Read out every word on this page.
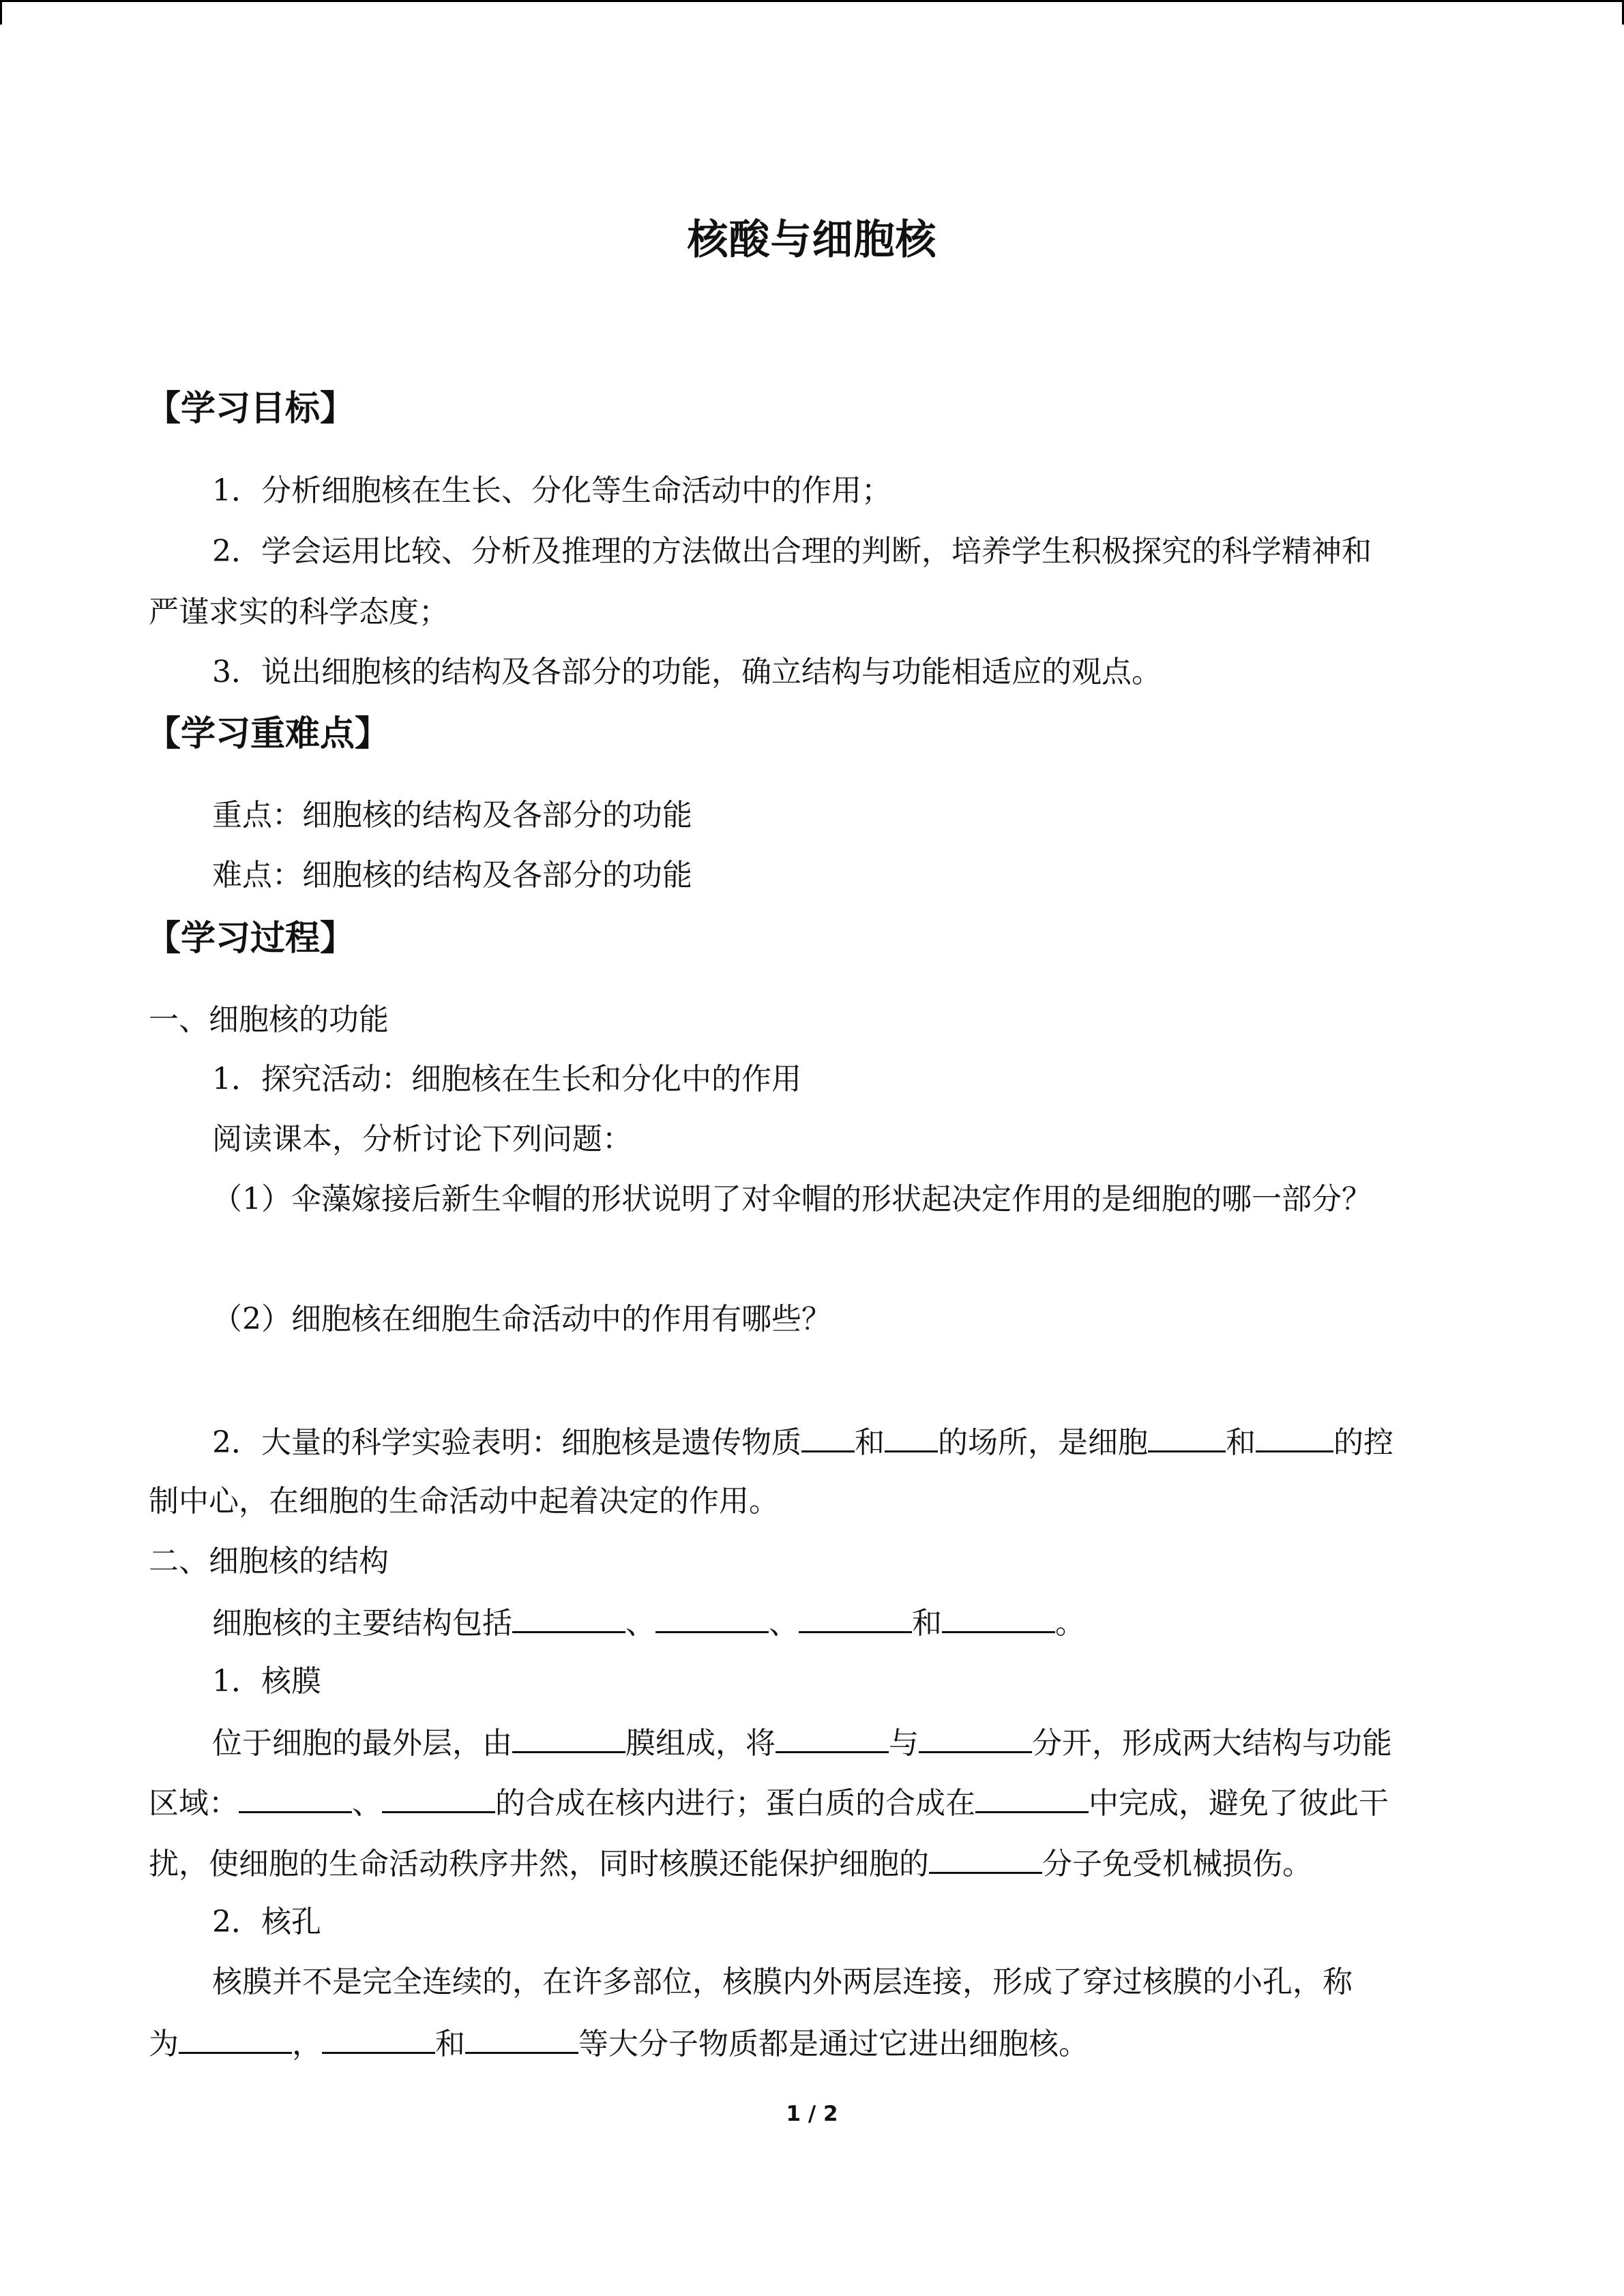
核酸与细胞核
【学习目标】
1．分析细胞核在生长、分化等生命活动中的作用；
2．学会运用比较、分析及推理的方法做出合理的判断，培养学生积极探究的科学精神和
严谨求实的科学态度；
3．说出细胞核的结构及各部分的功能，确立结构与功能相适应的观点。
【学习重难点】
重点：细胞核的结构及各部分的功能
难点：细胞核的结构及各部分的功能
【学习过程】
一、细胞核的功能
1．探究活动：细胞核在生长和分化中的作用
阅读课本，分析讨论下列问题：
（1）伞藻嫁接后新生伞帽的形状说明了对伞帽的形状起决定作用的是细胞的哪一部分？
（2）细胞核在细胞生命活动中的作用有哪些？
2．大量的科学实验表明：细胞核是遗传物质 和 的场所，是细胞	和	的控
制中心，在细胞的生命活动中起着决定的作用。
二、细胞核的结构
细胞核的主要结构包括	、	、	和	。
1．核膜
位于细胞的最外层，由	膜组成，将	与	分开，形成两大结构与功能
区域：	、	的合成在核内进行；蛋白质的合成在	中完成，避免了彼此干
扰，使细胞的生命活动秩序井然，同时核膜还能保护细胞的	分子免受机械损伤。
2．核孔
核膜并不是完全连续的，在许多部位，核膜内外两层连接，形成了穿过核膜的小孔，称
为	，	和	等大分子物质都是通过它进出细胞核。
1 / 2
